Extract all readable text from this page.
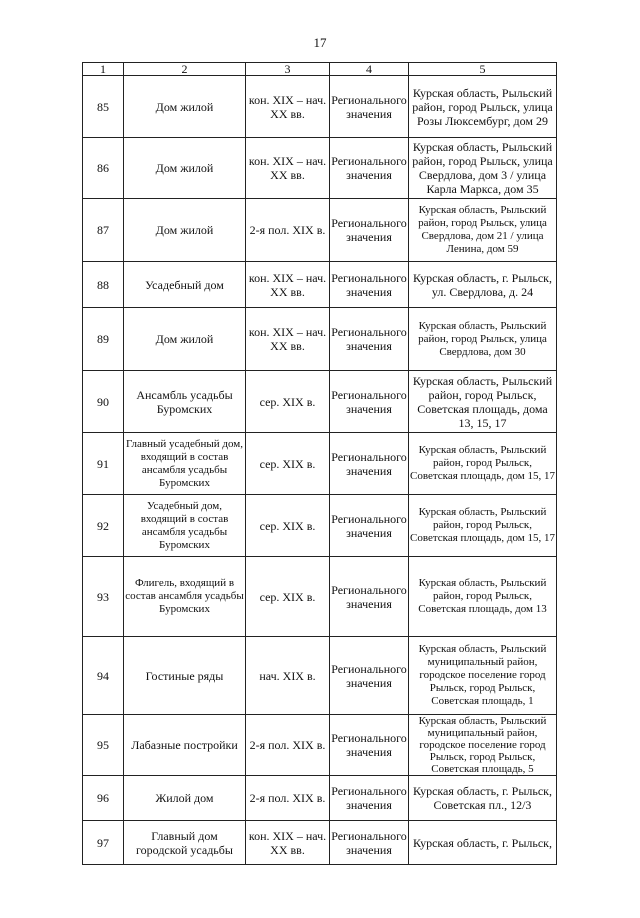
17
1	2	3	4	5
85	Дом жилой	кон. XIX – нач. XX вв.	Регионального значения	Курская область, Рыльский район, город Рыльск, улица Розы Люксембург, дом 29
86	Дом жилой	кон. XIX – нач. XX вв.	Регионального значения	Курская область, Рыльский район, город Рыльск, улица Свердлова, дом 3 / улица Карла Маркса, дом 35
87	Дом жилой	2-я пол. XIX в.	Регионального значения	Курская область, Рыльский район, город Рыльск, улица Свердлова, дом 21 / улица Ленина, дом 59
88	Усадебный дом	кон. XIX – нач. XX вв.	Регионального значения	Курская область, г. Рыльск, ул. Свердлова, д. 24
89	Дом жилой	кон. XIX – нач. XX вв.	Регионального значения	Курская область, Рыльский район, город Рыльск, улица Свердлова, дом 30
90	Ансамбль усадьбы Буромских	сер. XIX в.	Регионального значения	Курская область, Рыльский район, город Рыльск, Советская площадь, дома 13, 15, 17
91	Главный усадебный дом, входящий в состав ансамбля усадьбы Буромских	сер. XIX в.	Регионального значения	Курская область, Рыльский район, город Рыльск, Советская площадь, дом 15, 17
92	Усадебный дом, входящий в состав ансамбля усадьбы Буромских	сер. XIX в.	Регионального значения	Курская область, Рыльский район, город Рыльск, Советская площадь, дом 15, 17
93	Флигель, входящий в состав ансамбля усадьбы Буромских	сер. XIX в.	Регионального значения	Курская область, Рыльский район, город Рыльск, Советская площадь, дом 13
94	Гостиные ряды	нач. XIX в.	Регионального значения	Курская область, Рыльский муниципальный район, городское поселение город Рыльск, город Рыльск, Советская площадь, 1
95	Лабазные постройки	2-я пол. XIX в.	Регионального значения	Курская область, Рыльский муниципальный район, городское поселение город Рыльск, город Рыльск, Советская площадь, 5
96	Жилой дом	2-я пол. XIX в.	Регионального значения	Курская область, г. Рыльск, Советская пл., 12/3
97	Главный дом городской усадьбы	кон. XIX – нач. XX вв.	Регионального значения	Курская область, г. Рыльск,
